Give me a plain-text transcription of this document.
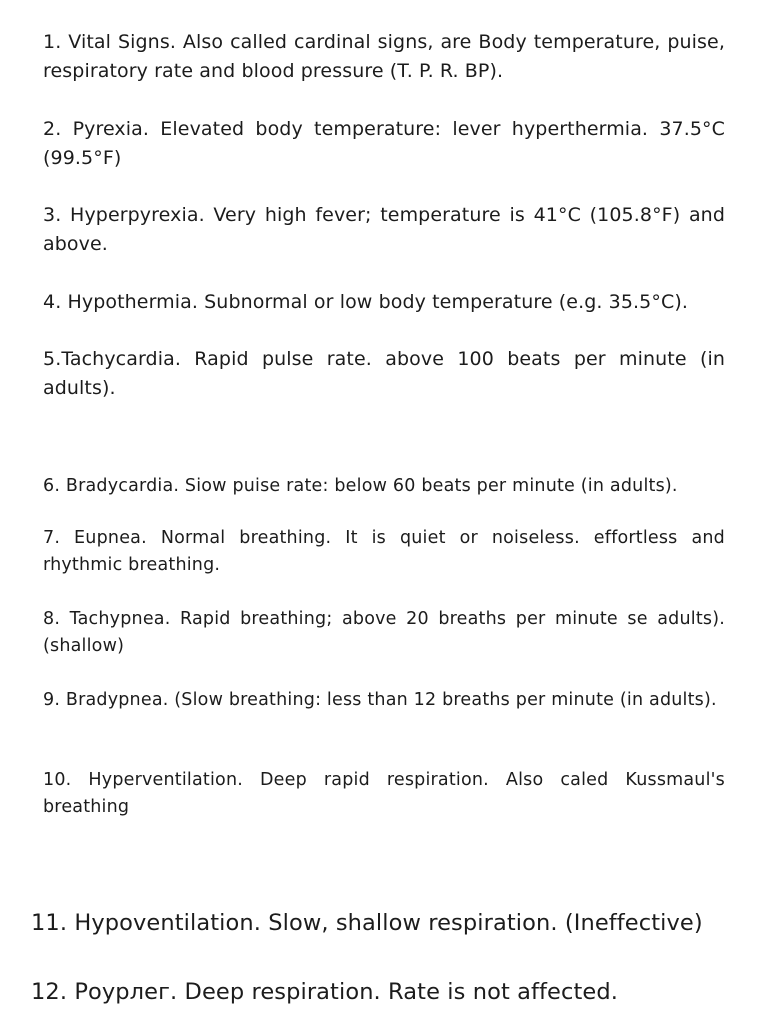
1. Vital Signs. Also called cardinal signs, are Body temperature, puise, respiratory rate and blood pressure (T. P. R. BP).

2. Pyrexia. Elevated body temperature: lever hyperthermia. 37.5°C (99.5°F)

3. Hyperpyrexia. Very high fever; temperature is 41°C (105.8°F) and above.

4. Hypothermia. Subnormal or low body temperature (e.g. 35.5°C).

5.Tachycardia. Rapid pulse rate. above 100 beats per minute (in adults).

6. Bradycardia. Siow puise rate: below 60 beats per minute (in adults).

7. Eupnea. Normal breathing. It is quiet or noiseless. effortless and rhythmic breathing.

8. Tachypnea. Rapid breathing; above 20 breaths per minute se adults). (shallow)

9. Bradypnea. (Slow breathing: less than 12 breaths per minute (in adults).

10. Hyperventilation. Deep rapid respiration. Also caled Kussmaul's breathing

11. Hypoventilation. Slow, shallow respiration. (Ineffective)

12. Роурлег. Deep respiration. Rate is not affected.
